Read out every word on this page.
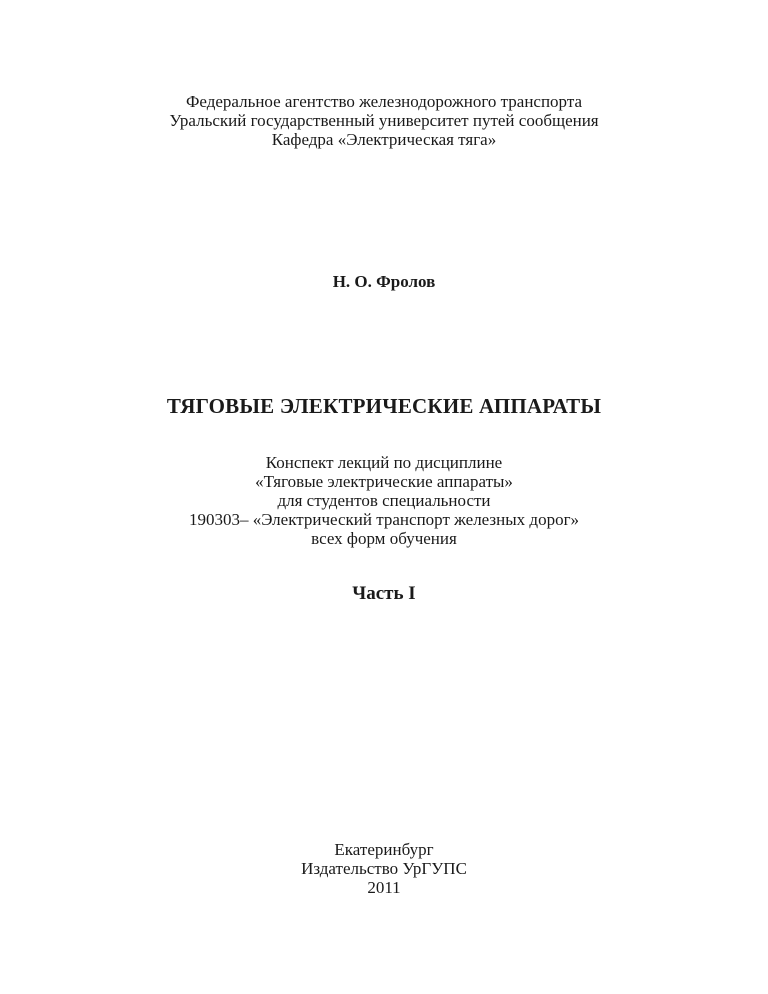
Федеральное агентство железнодорожного транспорта
Уральский государственный университет путей сообщения
Кафедра «Электрическая тяга»
Н. О. Фролов
ТЯГОВЫЕ ЭЛЕКТРИЧЕСКИЕ АППАРАТЫ
Конспект лекций по дисциплине
«Тяговые электрические аппараты»
для студентов специальности
190303– «Электрический транспорт железных дорог»
всех форм обучения
Часть I
Екатеринбург
Издательство УрГУПС
2011
